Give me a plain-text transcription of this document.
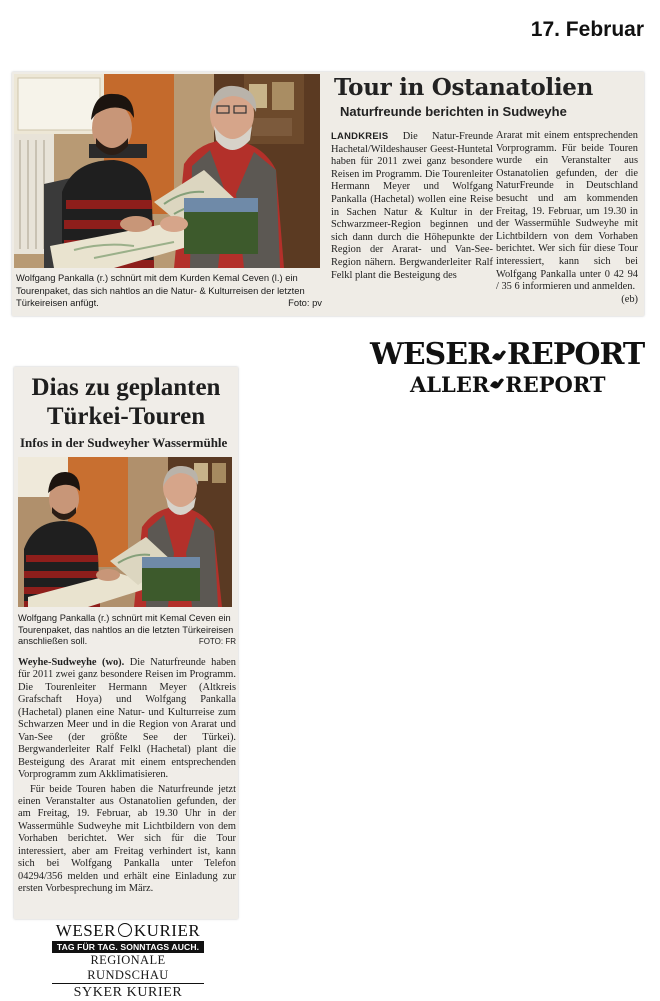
17. Februar
Wolfgang Pankalla (r.) schnürt mit dem Kurden Kemal Ceven (l.) ein Tourenpaket, das sich nahtlos an die Natur- & Kulturreisen der letzten Türkeireisen anfügt.	Foto: pv
Tour in Ostanatolien
Naturfreunde berichten in Sudweyhe
LANDKREIS Die Natur-Freunde Hachetal/Wildeshauser Geest-Huntetal haben für 2011 zwei ganz besondere Reisen im Programm. Die Tourenleiter Hermann Meyer und Wolfgang Pankalla (Hachetal) wollen eine Reise in Sachen Natur & Kultur in der Schwarzmeer-Region beginnen und sich dann durch die Höhepunkte der Region der Ararat- und Van-See-Region nähern. Bergwanderleiter Ralf Felkl plant die Besteigung des
Ararat mit einem entsprechenden Vorprogramm. Für beide Touren wurde ein Veranstalter aus Ostanatolien gefunden, der die NaturFreunde in Deutschland besucht und am kommenden Freitag, 19. Februar, um 19.30 in der Wassermühle Sudweyhe mit Lichtbildern von dem Vorhaben berichtet. Wer sich für diese Tour interessiert, kann sich bei Wolfgang Pankalla unter 0 42 94 / 35 6 informieren und anmelden.
(eb)
WESER REPORT
ALLER REPORT
Dias zu geplanten
Türkei-Touren
Infos in der Sudweyher Wassermühle
Wolfgang Pankalla (r.) schnürt mit Kemal Ceven ein Tourenpaket, das nahtlos an die letzten Türkeireisen anschließen soll.	FOTO: FR

Weyhe-Sudweyhe (wo). Die Naturfreunde haben für 2011 zwei ganz besondere Reisen im Programm. Die Tourenleiter Hermann Meyer (Altkreis Grafschaft Hoya) und Wolfgang Pankalla (Hachetal) planen eine Natur- und Kulturreise zum Schwarzen Meer und in die Region von Ararat und Van-See (der größte See der Türkei). Bergwanderleiter Ralf Felkl (Hachetal) plant die Besteigung des Ararat mit einem entsprechenden Vorprogramm zum Akklimatisieren.

Für beide Touren haben die Naturfreunde jetzt einen Veranstalter aus Ostanatolien gefunden, der am Freitag, 19. Februar, ab 19.30 Uhr in der Wassermühle Sudweyhe mit Lichtbildern von dem Vorhaben berichtet. Wer sich für die Tour interessiert, aber am Freitag verhindert ist, kann sich bei Wolfgang Pankalla unter Telefon 04294/356 melden und erhält eine Einladung zur ersten Vorbesprechung im März.

WESER KURIER
TAG FÜR TAG. SONNTAGS AUCH.
REGIONALE RUNDSCHAU
SYKER KURIER
